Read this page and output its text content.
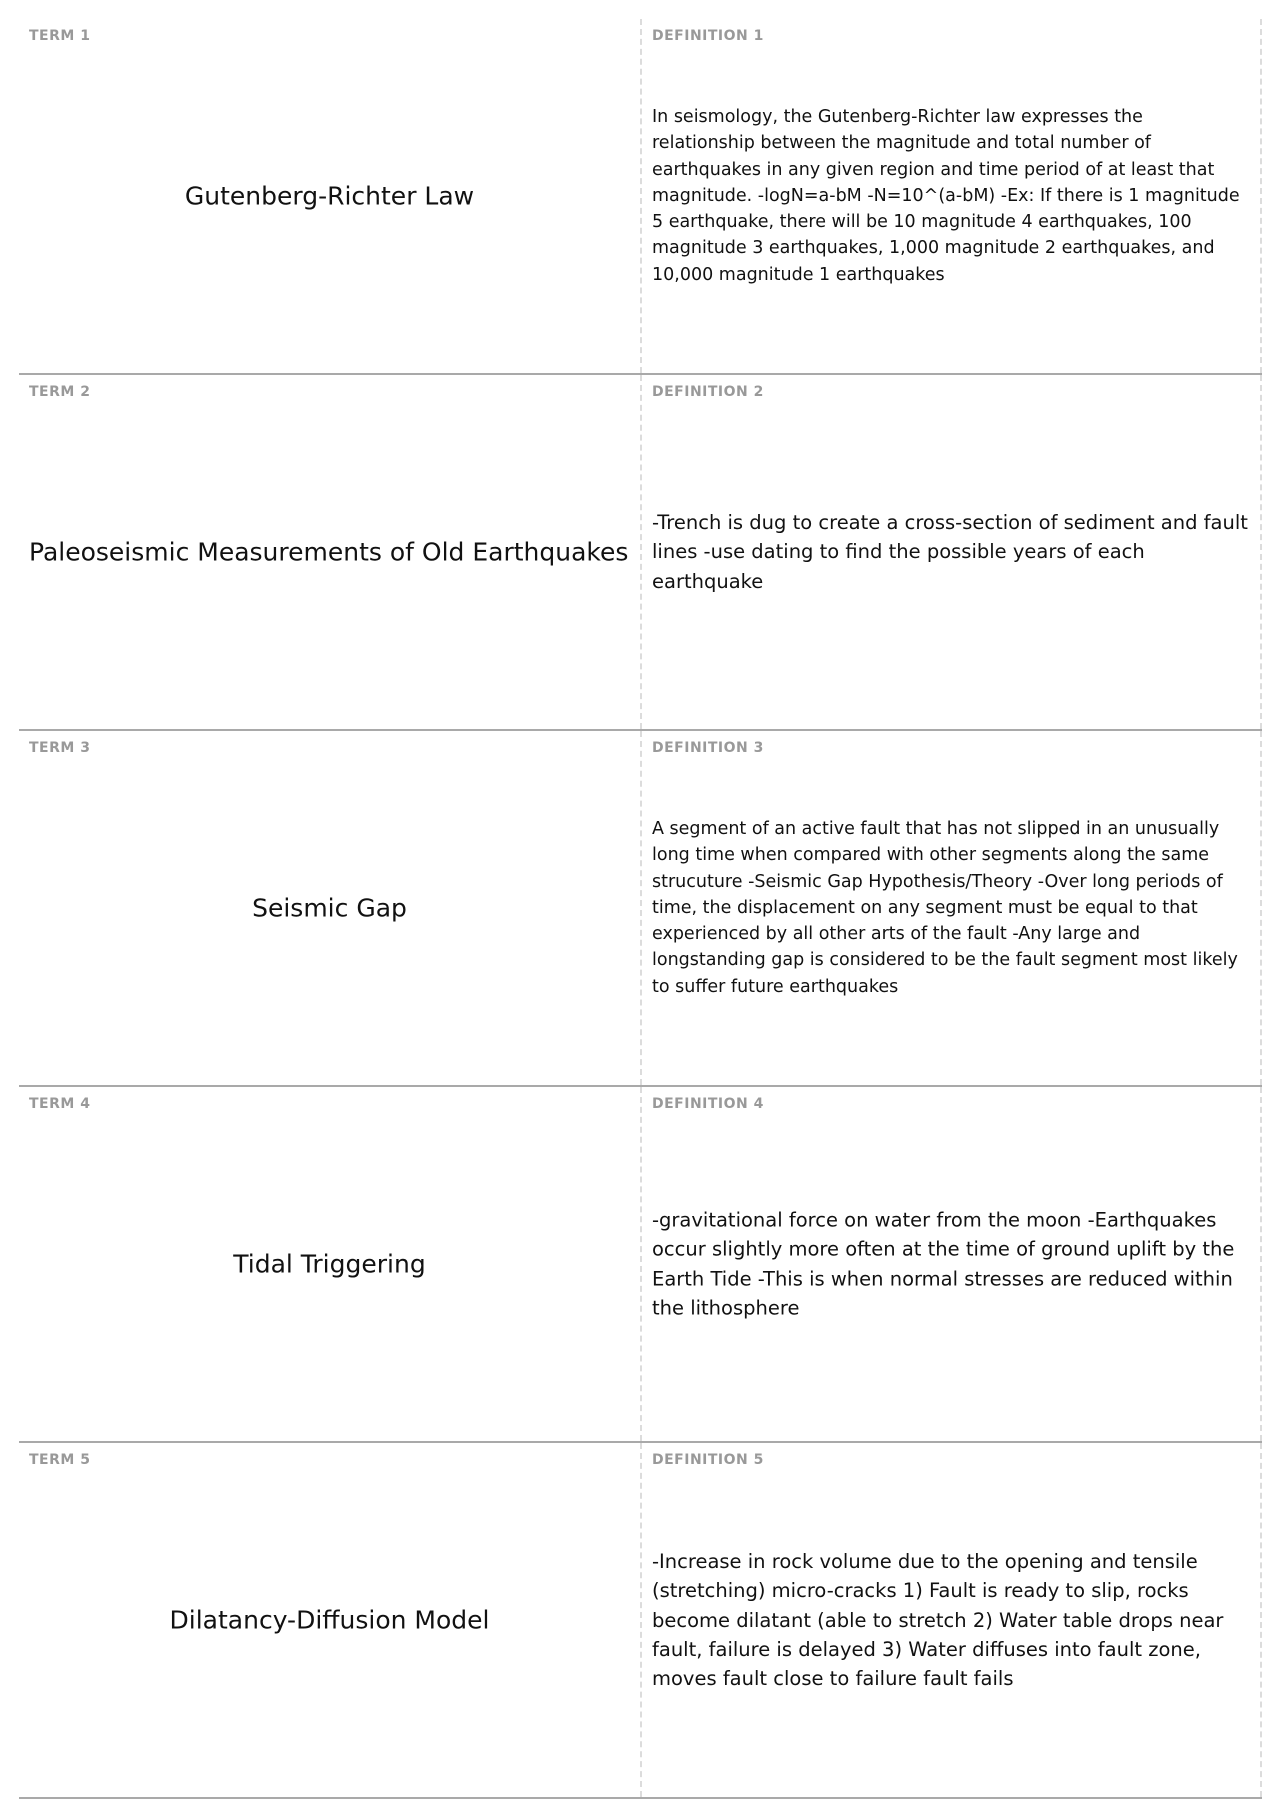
TERM 1
Gutenberg-Richter Law
DEFINITION 1
In seismology, the Gutenberg-Richter law expresses the relationship between the magnitude and total number of earthquakes in any given region and time period of at least that magnitude. -logN=a-bM -N=10^(a-bM) -Ex: If there is 1 magnitude 5 earthquake, there will be 10 magnitude 4 earthquakes, 100 magnitude 3 earthquakes, 1,000 magnitude 2 earthquakes, and 10,000 magnitude 1 earthquakes
TERM 2
Paleoseismic Measurements of Old Earthquakes
DEFINITION 2
-Trench is dug to create a cross-section of sediment and fault lines -use dating to find the possible years of each earthquake
TERM 3
Seismic Gap
DEFINITION 3
A segment of an active fault that has not slipped in an unusually long time when compared with other segments along the same strucuture -Seismic Gap Hypothesis/Theory -Over long periods of time, the displacement on any segment must be equal to that experienced by all other arts of the fault -Any large and longstanding gap is considered to be the fault segment most likely to suffer future earthquakes
TERM 4
Tidal Triggering
DEFINITION 4
-gravitational force on water from the moon -Earthquakes occur slightly more often at the time of ground uplift by the Earth Tide -This is when normal stresses are reduced within the lithosphere
TERM 5
Dilatancy-Diffusion Model
DEFINITION 5
-Increase in rock volume due to the opening and tensile (stretching) micro-cracks 1) Fault is ready to slip, rocks become dilatant (able to stretch 2) Water table drops near fault, failure is delayed 3) Water diffuses into fault zone, moves fault close to failure fault fails
